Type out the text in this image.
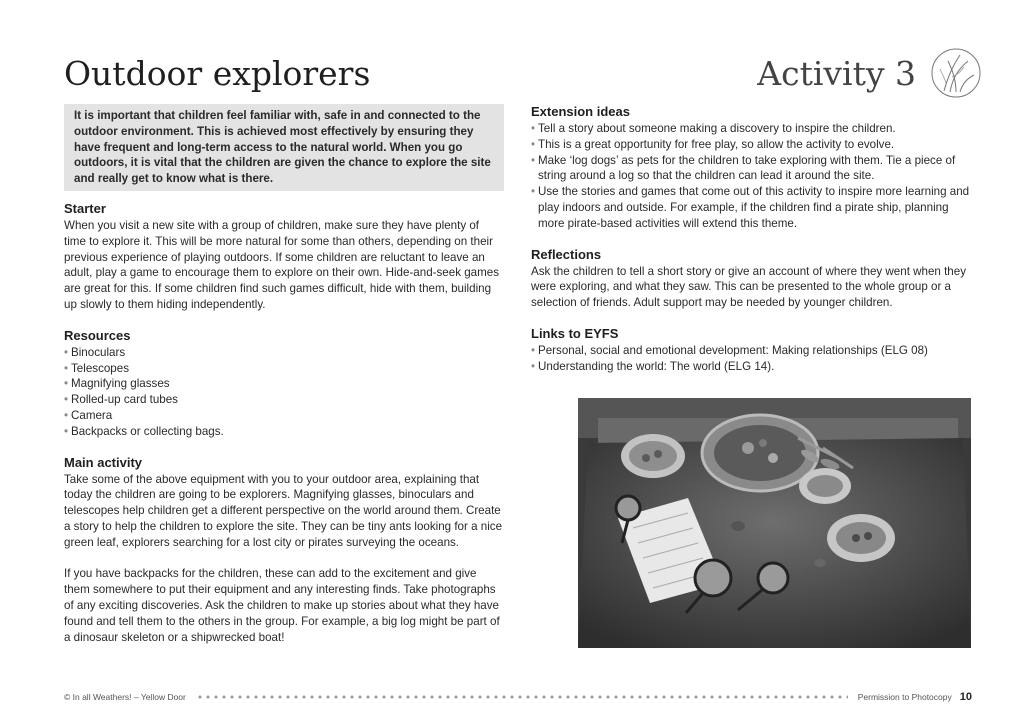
Outdoor explorers	Activity 3
It is important that children feel familiar with, safe in and connected to the outdoor environment. This is achieved most effectively by ensuring they have frequent and long-term access to the natural world. When you go outdoors, it is vital that the children are given the chance to explore the site and really get to know what is there.
Starter

When you visit a new site with a group of children, make sure they have plenty of time to explore it. This will be more natural for some than others, depending on their previous experience of playing outdoors. If some children are reluctant to leave an adult, play a game to encourage them to explore on their own. Hide-and-seek games are great for this. If some children find such games difficult, hide with them, building up slowly to them hiding independently.

Resources
• Binoculars
• Telescopes
• Magnifying glasses
• Rolled-up card tubes
• Camera
• Backpacks or collecting bags.
Main activity

Take some of the above equipment with you to your outdoor area, explaining that today the children are going to be explorers. Magnifying glasses, binoculars and telescopes help children get a different perspective on the world around them. Create a story to help the children to explore the site. They can be tiny ants looking for a nice green leaf, explorers searching for a lost city or pirates surveying the oceans.

If you have backpacks for the children, these can add to the excitement and give them somewhere to put their equipment and any interesting finds. Take photographs of any exciting discoveries. Ask the children to make up stories about what they have found and tell them to the others in the group. For example, a big log might be part of a dinosaur skeleton or a shipwrecked boat!

Extension ideas
• Tell a story about someone making a discovery to inspire the children.
• This is a great opportunity for free play, so allow the activity to evolve.
• Make ‘log dogs’ as pets for the children to take exploring with them. Tie a piece of string around a log so that the children can lead it around the site.
• Use the stories and games that come out of this activity to inspire more learning and play indoors and outside. For example, if the children find a pirate ship, planning more pirate-based activities will extend this theme.
Reflections

Ask the children to tell a short story or give an account of where they went when they were exploring, and what they saw. This can be presented to the whole group or a selection of friends. Adult support may be needed by younger children.

Links to EYFS
• Personal, social and emotional development: Making relationships (ELG 08)
• Understanding the world: The world (ELG 14).
© In all Weathers! – Yellow Door	Permission to Photocopy 10
